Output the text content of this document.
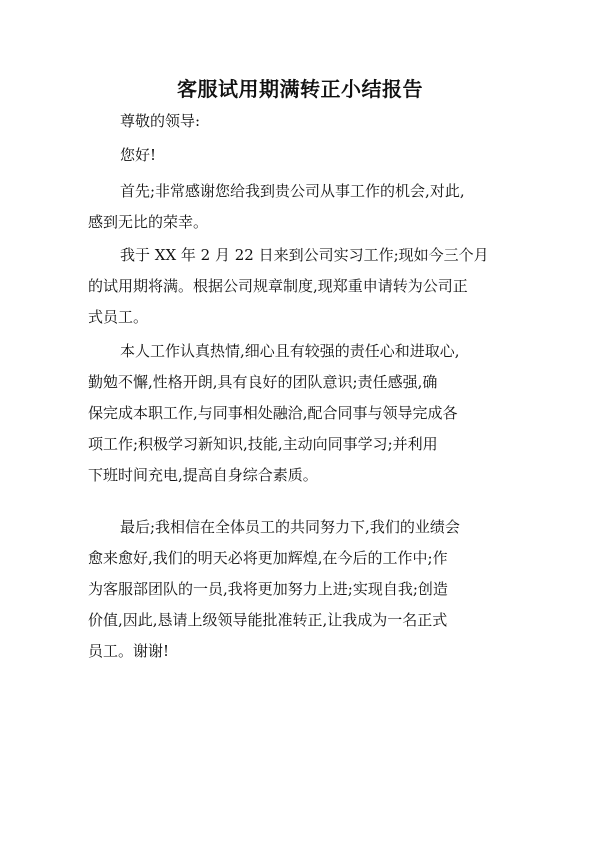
客服试用期满转正小结报告
尊敬的领导:
您好!
首先;非常感谢您给我到贵公司从事工作的机会,对此,
感到无比的荣幸。
我于 XX 年 2 月 22 日来到公司实习工作;现如今三个月
的试用期将满。根据公司规章制度,现郑重申请转为公司正
式员工。
本人工作认真热情,细心且有较强的责任心和进取心,
勤勉不懈,性格开朗,具有良好的团队意识;责任感强,确
保完成本职工作,与同事相处融洽,配合同事与领导完成各
项工作;积极学习新知识,技能,主动向同事学习;并利用
下班时间充电,提高自身综合素质。
最后;我相信在全体员工的共同努力下,我们的业绩会
愈来愈好,我们的明天必将更加辉煌,在今后的工作中;作
为客服部团队的一员,我将更加努力上进;实现自我;创造
价值,因此,恳请上级领导能批准转正,让我成为一名正式
员工。谢谢!
